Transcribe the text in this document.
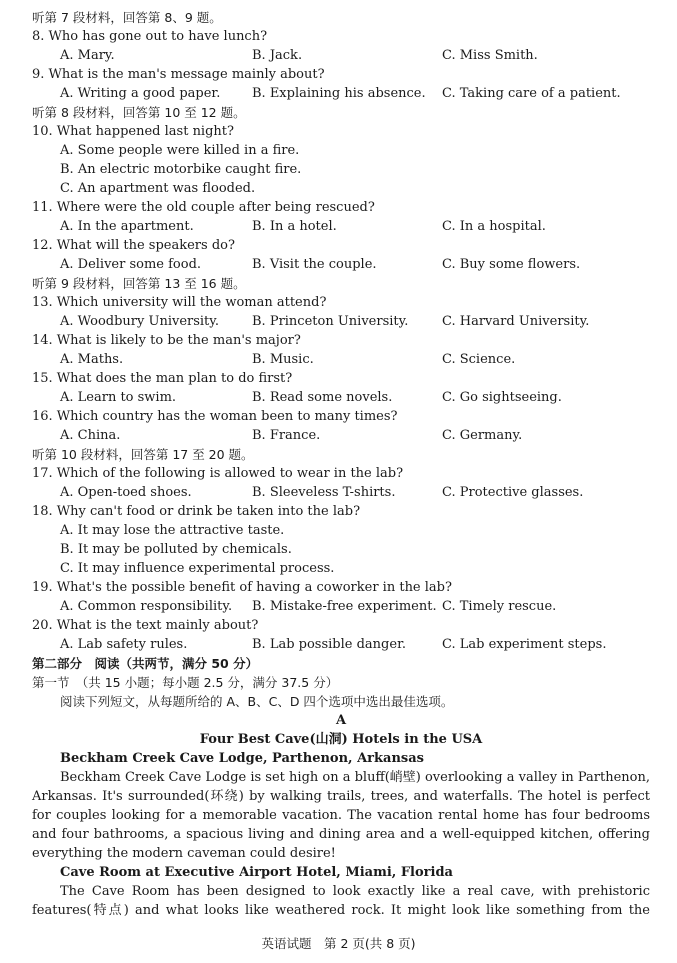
听第 7 段材料，回答第 8、9 题。
8. Who has gone out to have lunch?
A. Mary.	B. Jack.	C. Miss Smith.
9. What is the man's message mainly about?
A. Writing a good paper. B. Explaining his absence. C. Taking care of a patient.
听第 8 段材料，回答第 10 至 12 题。
10. What happened last night?
A. Some people were killed in a fire.
B. An electric motorbike caught fire.
C. An apartment was flooded.
11. Where were the old couple after being rescued?
A. In the apartment.	B. In a hotel.	C. In a hospital.
12. What will the speakers do?
A. Deliver some food.	B. Visit the couple.	C. Buy some flowers.
听第 9 段材料，回答第 13 至 16 题。
13. Which university will the woman attend?
A. Woodbury University.	B. Princeton University.	C. Harvard University.
14. What is likely to be the man's major?
A. Maths.	B. Music.	C. Science.
15. What does the man plan to do first?
A. Learn to swim.	B. Read some novels.	C. Go sightseeing.
16. Which country has the woman been to many times?
A. China.	B. France.	C. Germany.
听第 10 段材料，回答第 17 至 20 题。
17. Which of the following is allowed to wear in the lab?
A. Open-toed shoes.	B. Sleeveless T-shirts.	C. Protective glasses.
18. Why can't food or drink be taken into the lab?
A. It may lose the attractive taste.
B. It may be polluted by chemicals.
C. It may influence experimental process.
19. What's the possible benefit of having a coworker in the lab?
A. Common responsibility. B. Mistake-free experiment. C. Timely rescue.
20. What is the text mainly about?
A. Lab safety rules.	B. Lab possible danger.	C. Lab experiment steps.
第二部分　阅读（共两节，满分 50 分）
第一节　（共 15 小题；每小题 2.5 分，满分 37.5 分）
阅读下列短文，从每题所给的 A、B、C、D 四个选项中选出最佳选项。
A
Four Best Cave(山洞) Hotels in the USA
Beckham Creek Cave Lodge, Parthenon, Arkansas
Beckham Creek Cave Lodge is set high on a bluff(峭壁) overlooking a valley in Parthenon, Arkansas. It's surrounded(环绕) by walking trails, trees, and waterfalls. The hotel is perfect for couples looking for a memorable vacation. The vacation rental home has four bedrooms and four bathrooms, a spacious living and dining area and a well-equipped kitchen, offering everything the modern caveman could desire!
Cave Room at Executive Airport Hotel, Miami, Florida
The Cave Room has been designed to look exactly like a real cave, with prehistoric features(特点) and what looks like weathered rock. It might look like something from the
英语试题　第 2 页(共 8 页)
